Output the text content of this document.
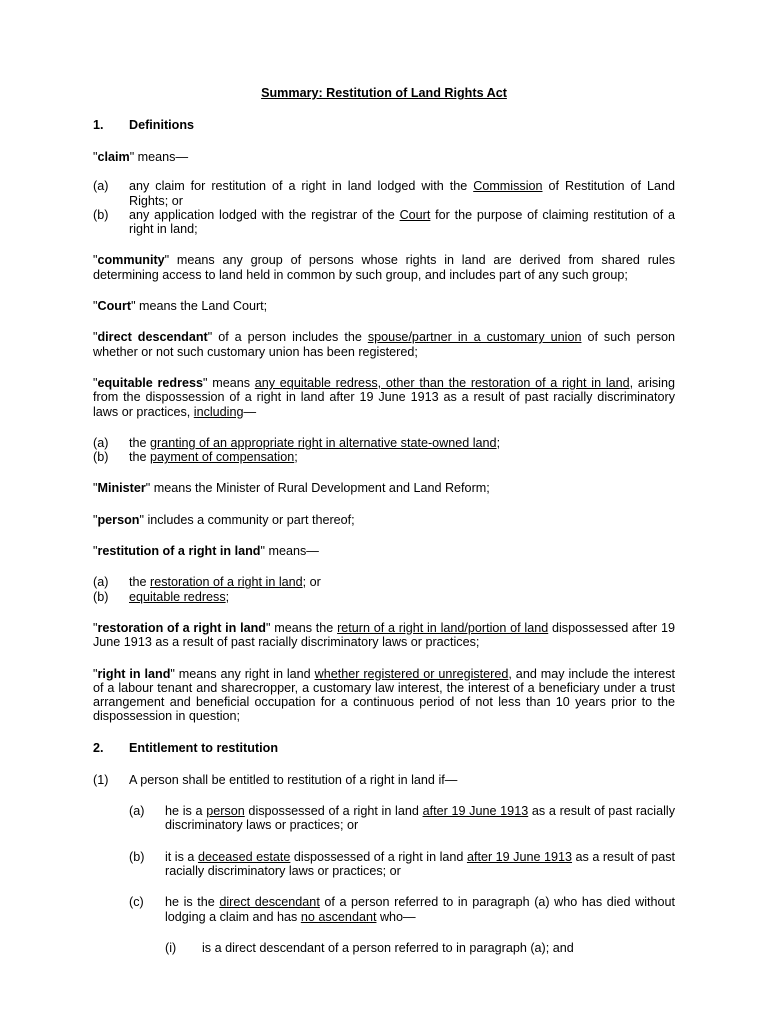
Summary: Restitution of Land Rights Act
1.	Definitions
"claim" means—
(a)	any claim for restitution of a right in land lodged with the Commission of Restitution of Land Rights; or
(b)	any application lodged with the registrar of the Court for the purpose of claiming restitution of a right in land;
"community" means any group of persons whose rights in land are derived from shared rules determining access to land held in common by such group, and includes part of any such group;
"Court" means the Land Court;
"direct descendant" of a person includes the spouse/partner in a customary union of such person whether or not such customary union has been registered;
"equitable redress" means any equitable redress, other than the restoration of a right in land, arising from the dispossession of a right in land after 19 June 1913 as a result of past racially discriminatory laws or practices, including—
(a)	the granting of an appropriate right in alternative state-owned land;
(b)	the payment of compensation;
"Minister" means the Minister of Rural Development and Land Reform;
"person" includes a community or part thereof;
"restitution of a right in land" means—
(a)	the restoration of a right in land; or
(b)	equitable redress;
"restoration of a right in land" means the return of a right in land/portion of land dispossessed after 19 June 1913 as a result of past racially discriminatory laws or practices;
"right in land" means any right in land whether registered or unregistered, and may include the interest of a labour tenant and sharecropper, a customary law interest, the interest of a beneficiary under a trust arrangement and beneficial occupation for a continuous period of not less than 10 years prior to the dispossession in question;
2.	Entitlement to restitution
(1)	A person shall be entitled to restitution of a right in land if—
(a)	he is a person dispossessed of a right in land after 19 June 1913 as a result of past racially discriminatory laws or practices; or
(b)	it is a deceased estate dispossessed of a right in land after 19 June 1913 as a result of past racially discriminatory laws or practices; or
(c)	he is the direct descendant of a person referred to in paragraph (a) who has died without lodging a claim and has no ascendant who—
(i)	is a direct descendant of a person referred to in paragraph (a); and
